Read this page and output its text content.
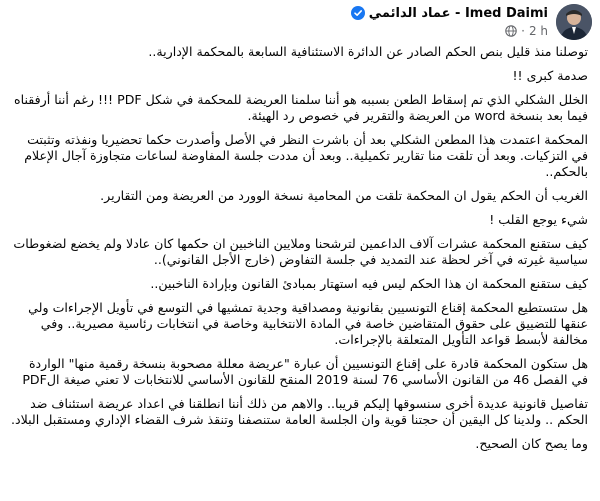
عماد الدائمي - Imed Daimi
2 h
·

توصلنا منذ قليل بنص الحكم الصادر عن الدائرة الاستئنافية السابعة بالمحكمة الإدارية..

صدمة كبرى !!

الخلل الشكلي الذي تم إسقاط الطعن بسببه هو أننا سلمنا العريضة للمحكمة في شكل PDF !!! رغم أننا أرفقناه فيما بعد بنسخة word من العريضة والتقرير في خصوص رد الهيئة.

المحكمة اعتمدت هذا المطعن الشكلي بعد أن باشرت النظر في الأصل وأصدرت حكما تحضيريا ونفذته وتثبتت في التزكيات. وبعد أن تلقت منا تقارير تكميلية.. وبعد أن مددت جلسة المفاوضة لساعات متجاوزة آجال الإعلام بالحكم..

الغريب أن الحكم يقول ان المحكمة تلقت من المحامية نسخة الوورد من العريضة ومن التقارير.

شيء يوجع القلب !

كيف ستقنع المحكمة عشرات آلاف الداعمين لترشحنا وملايين الناخبين ان حكمها كان عادلا ولم يخضع لضغوطات سياسية غيرته في آخر لحظة عند التمديد في جلسة التفاوض (خارج الأجل القانوني)..

كيف ستقنع المحكمة ان هذا الحكم ليس فيه استهتار بمبادئ القانون وبإرادة الناخبين..

هل ستستطيع المحكمة إقناع التونسيين بقانونية ومصداقية وجدية تمشيها في التوسع في تأويل الإجراءات ولي عنقها للتضييق على حقوق المتقاضين خاصة في المادة الانتخابية وخاصة في انتخابات رئاسية مصيرية.. وفي مخالفة لأبسط قواعد التأويل المتعلقة بالإجراءات.

هل ستكون المحكمة قادرة على إقناع التونسيين أن عبارة "عريضة معللة مصحوبة بنسخة رقمية منها" الواردة في الفصل 46 من القانون الأساسي 76 لسنة 2019 المنقح للقانون الأساسي للانتخابات لا تعني صيغة الPDF

تفاصيل قانونية عديدة أخرى سنسوقها إليكم قريبا.. والاهم من ذلك أننا انطلقنا في اعداد عريضة استئناف ضد الحكم .. ولدينا كل اليقين أن حجتنا قوية وان الجلسة العامة ستنصفنا وتنقذ شرف القضاء الإداري ومستقبل البلاد.

وما يصح كان الصحيح.
